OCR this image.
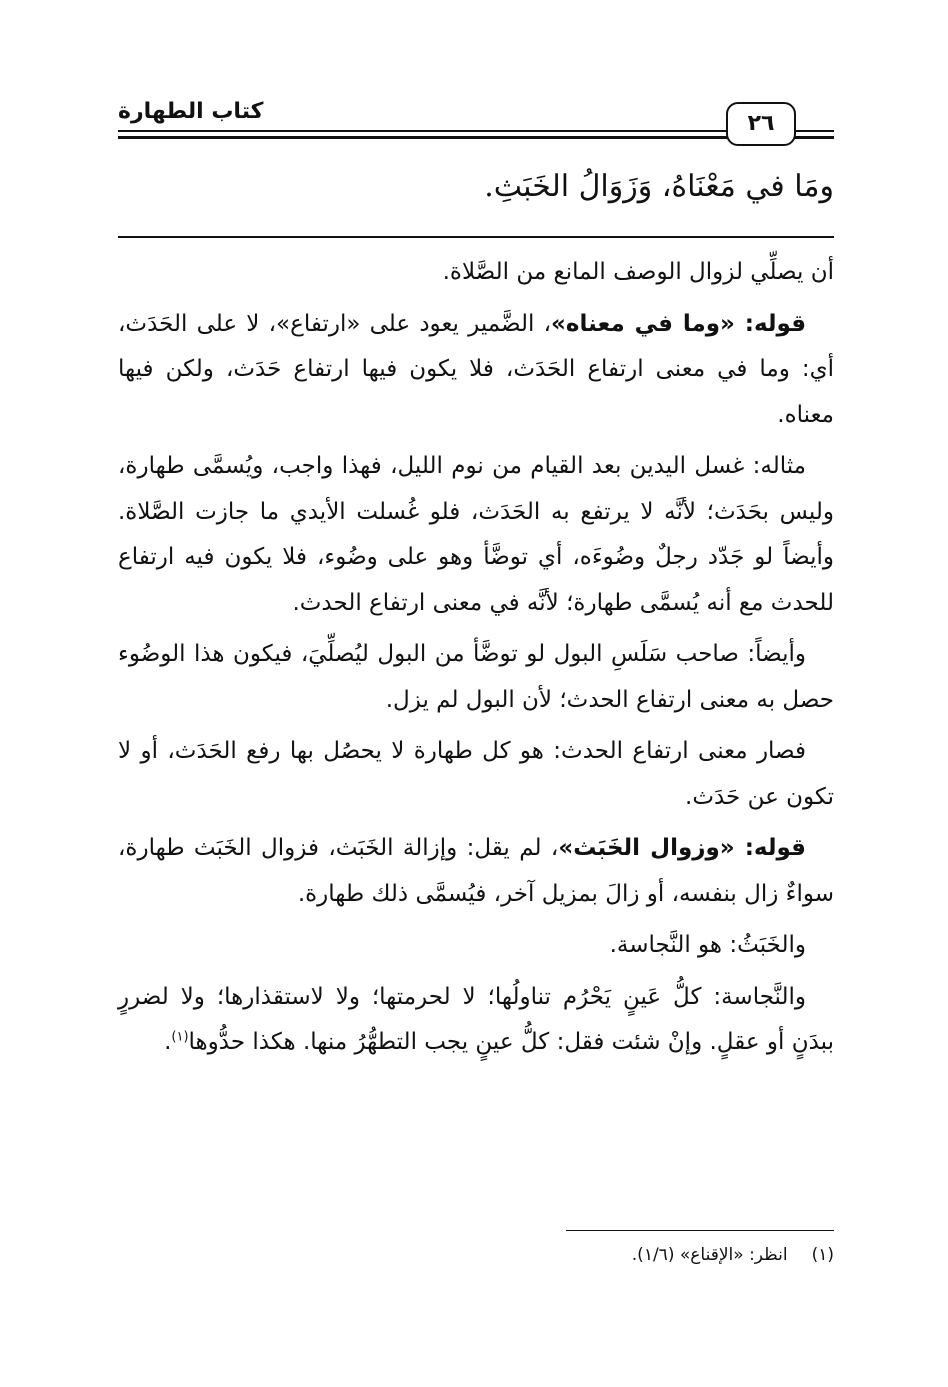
كتاب الطهارة	٢٦
ومَا في مَعْنَاهُ، وَزَوَالُ الخَبَثِ.

أن يصلِّي لزوال الوصف المانع من الصَّلاة.

قوله: «وما في معناه»، الضَّمير يعود على «ارتفاع»، لا على الحَدَث، أي: وما في معنى ارتفاع الحَدَث، فلا يكون فيها ارتفاع حَدَث، ولكن فيها معناه.

مثاله: غسل اليدين بعد القيام من نوم الليل، فهذا واجب، ويُسمَّى طهارة، وليس بحَدَث؛ لأنَّه لا يرتفع به الحَدَث، فلو غُسلت الأيدي ما جازت الصَّلاة. وأيضاً لو جَدّد رجلٌ وضُوءَه، أي توضَّأ وهو على وضُوء، فلا يكون فيه ارتفاع للحدث مع أنه يُسمَّى طهارة؛ لأنَّه في معنى ارتفاع الحدث.

وأيضاً: صاحب سَلَسِ البول لو توضَّأ من البول ليُصلِّيَ، فيكون هذا الوضُوء حصل به معنى ارتفاع الحدث؛ لأن البول لم يزل.

فصار معنى ارتفاع الحدث: هو كل طهارة لا يحصُل بها رفع الحَدَث، أو لا تكون عن حَدَث.

قوله: «وزوال الخَبَث»، لم يقل: وإزالة الخَبَث، فزوال الخَبَث طهارة، سواءٌ زال بنفسه، أو زالَ بمزيل آخر، فيُسمَّى ذلك طهارة.

والخَبَثُ: هو النَّجاسة.

والنَّجاسة: كلُّ عَينٍ يَحْرُم تناولُها؛ لا لحرمتها؛ ولا لاستقذارها؛ ولا لضررٍ ببدَنٍ أو عقلٍ. وإنْ شئت فقل: كلُّ عينٍ يجب التطهُّرُ منها. هكذا حدُّوها$^{(١)}$.

(١)انظر: «الإقناع» (١/٦).
